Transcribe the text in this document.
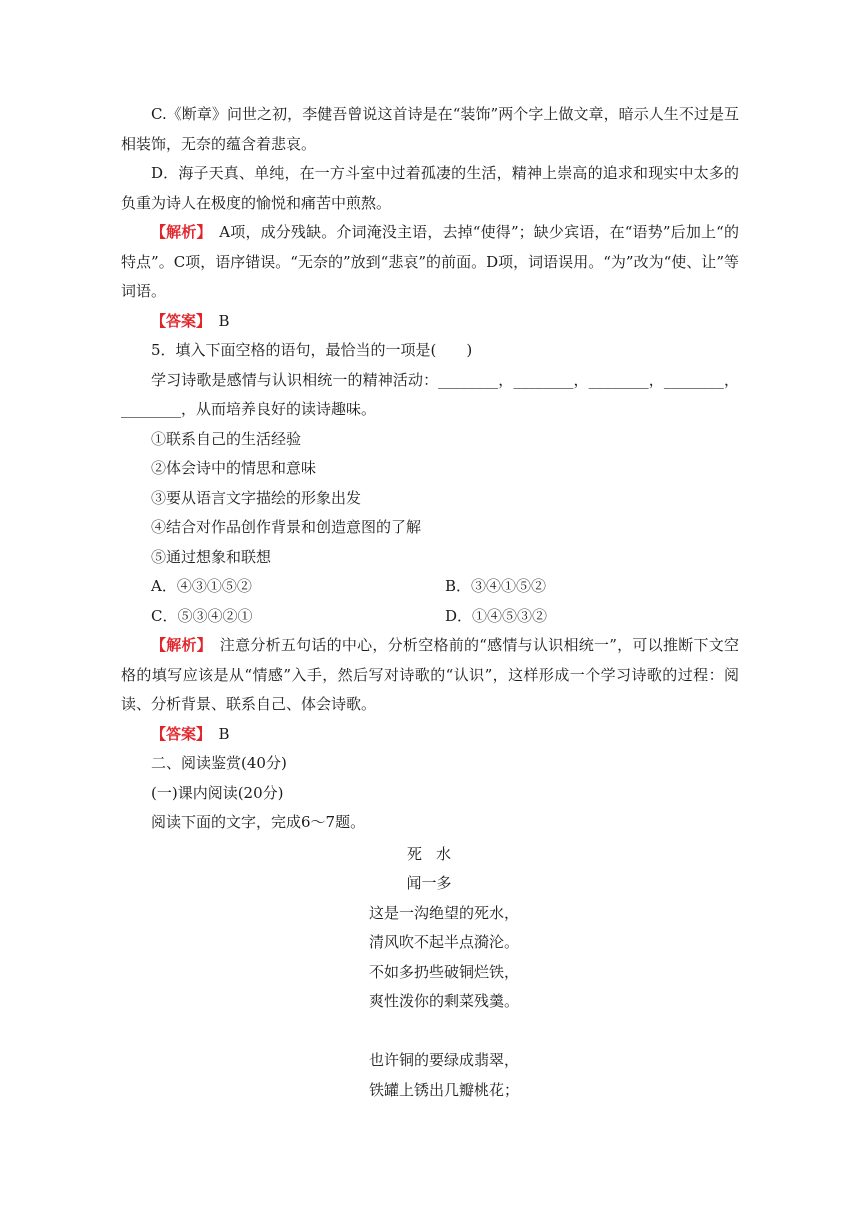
C.《断章》问世之初，李健吾曾说这首诗是在“装饰”两个字上做文章，暗示人生不过是互相装饰，无奈的蕴含着悲哀。

D．海子天真、单纯，在一方斗室中过着孤凄的生活，精神上崇高的追求和现实中太多的负重为诗人在极度的愉悦和痛苦中煎熬。

【解析】　A项，成分残缺。介词淹没主语，去掉“使得”；缺少宾语，在“语势”后加上“的特点”。C项，语序错误。“无奈的”放到“悲哀”的前面。D项，词语误用。“为”改为“使、让”等词语。

【答案】　B

5．填入下面空格的语句，最恰当的一项是(　　)

学习诗歌是感情与认识相统一的精神活动：________，________，________，________，________，从而培养良好的读诗趣味。

①联系自己的生活经验

②体会诗中的情思和意味

③要从语言文字描绘的形象出发

④结合对作品创作背景和创造意图的了解

⑤通过想象和联想

A．④③①⑤②	B．③④①⑤②
C．⑤③④②①	D．①④⑤③②

【解析】　注意分析五句话的中心，分析空格前的“感情与认识相统一”，可以推断下文空格的填写应该是从“情感”入手，然后写对诗歌的“认识”，这样形成一个学习诗歌的过程：阅读、分析背景、联系自己、体会诗歌。

【答案】　B

二、阅读鉴赏(40分)

(一)课内阅读(20分)

阅读下面的文字，完成6～7题。

死水

闻一多

这是一沟绝望的死水，

清风吹不起半点漪沦。

不如多扔些破铜烂铁，

爽性泼你的剩菜残羹。

也许铜的要绿成翡翠，

铁罐上锈出几瓣桃花；
